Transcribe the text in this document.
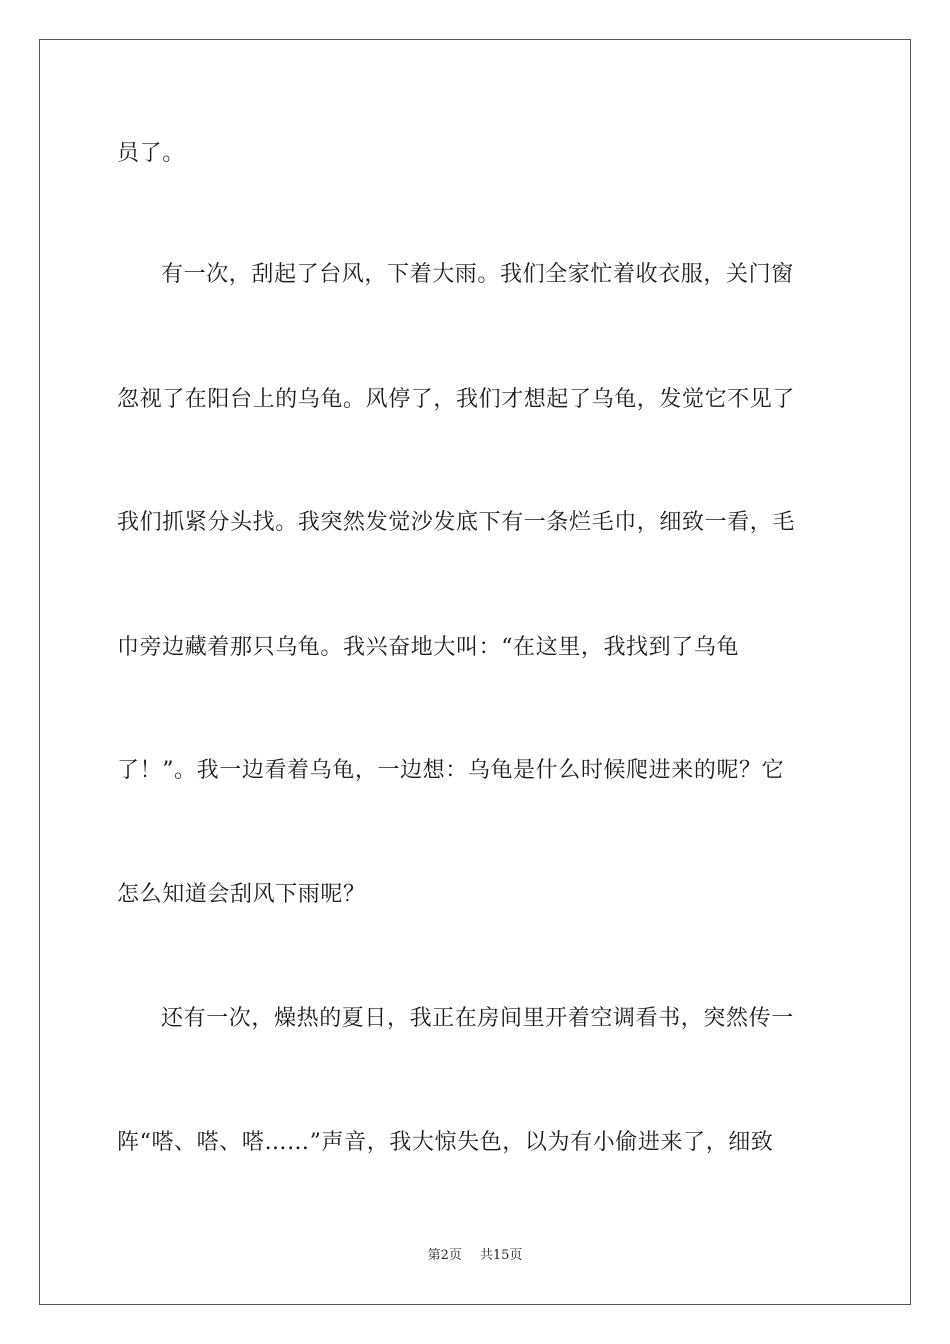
员了。
有一次，刮起了台风，下着大雨。我们全家忙着收衣服，关门窗
忽视了在阳台上的乌龟。风停了，我们才想起了乌龟，发觉它不见了
我们抓紧分头找。我突然发觉沙发底下有一条烂毛巾，细致一看，毛
巾旁边藏着那只乌龟。我兴奋地大叫：“在这里，我找到了乌龟
了！”。我一边看着乌龟，一边想：乌龟是什么时候爬进来的呢？它
怎么知道会刮风下雨呢？
还有一次，燥热的夏日，我正在房间里开着空调看书，突然传一
阵“嗒、嗒、嗒……”声音，我大惊失色，以为有小偷进来了，细致
第2页 共15页
